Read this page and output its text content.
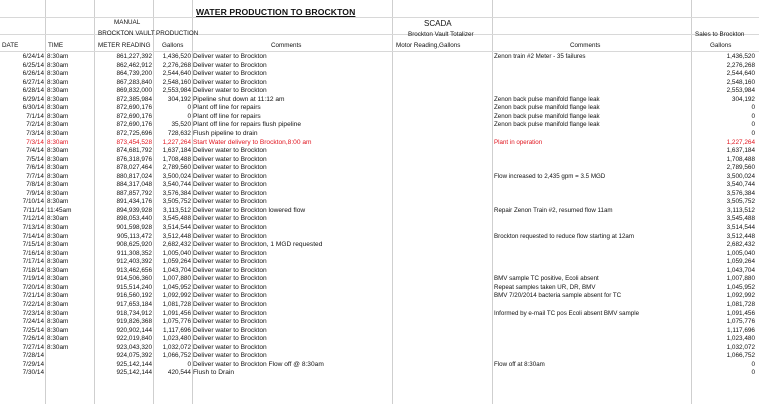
WATER PRODUCTION TO BROCKTON
SCADA
MANUAL
BROCKTON VAULT PRODUCTION
DATE	TIME	METER READING Gallons	Comments
Brockton Vault Totalizer
Motor Reading,Gallons	Comments
Sales to Brockton
Gallons
6/24/14 8:30am	861,227,392	1,436,520 Deliver water to Brockton	Zenon train #2 Meter - 35 failures	1,436,520
6/25/14 8:30am	862,462,912	2,276,268 Deliver water to Brockton	2,276,268
6/26/14 8:30am	864,739,200	2,544,640 Deliver water to Brockton	2,544,640
6/27/14 8:30am	867,283,840	2,548,160 Deliver water to Brockton	2,548,160
6/28/14 8:30am	869,832,000	2,553,984 Deliver water to Brockton	2,553,984
6/29/14 8:30am	872,385,984	304,192 Pipeline shut down at 11:12 am	Zenon back pulse manifold flange leak	304,192
6/30/14 8:30am	872,690,176	0 Plant off line for repairs	Zenon back pulse manifold flange leak	0
7/1/14 8:30am	872,690,176	0 Plant off line for repairs	Zenon back pulse manifold flange leak	0
7/2/14 8:30am	872,690,176	35,520 Plant off line for repairs flush pipeline	Zenon back pulse manifold flange leak	0
7/3/14 8:30am	872,725,696	728,632 Flush pipeline to drain	0
7/3/14 8:30am	873,454,528	1,227,264 Start Water delivery to Brockton,8:00 am	Plant in operation	1,227,264
7/4/14 8:30am	874,681,792	1,637,184 Deliver water to Brockton	1,637,184
7/5/14 8:30am	876,318,976	1,708,488 Deliver water to Brockton	1,708,488
7/6/14 8:30am	878,027,464	2,789,560 Deliver water to Brockton	2,789,560
7/7/14 8:30am	880,817,024	3,500,024 Deliver water to Brockton	Flow increased to 2,435 gpm = 3.5 MGD	3,500,024
7/8/14 8:30am	884,317,048	3,540,744 Deliver water to Brockton	3,540,744
7/9/14 8:30am	887,857,792	3,576,384 Deliver water to Brockton	3,576,384
7/10/14 8:30am	891,434,176	3,505,752 Deliver water to Brockton	3,505,752
7/11/14 11:45am	894,939,928	3,113,512 Deliver water to Brockton lowered flow	Repair Zenon Train #2, resumed flow 11am	3,113,512
7/12/14 8:30am	898,053,440	3,545,488 Deliver water to Brockton	3,545,488
7/13/14 8:30am	901,598,928	3,514,544 Deliver water to Brockton	3,514,544
7/14/14 8:30am	905,113,472	3,512,448 Deliver water to Brockton	Brockton requested to reduce flow starting at 12am	3,512,448
7/15/14 8:30am	908,625,920	2,682,432 Deliver water to Brockton, 1 MGD requested	2,682,432
7/16/14 8:30am	911,308,352	1,005,040 Deliver water to Brockton	1,005,040
7/17/14 8:30am	912,403,392	1,059,264 Deliver water to Brockton	1,059,264
7/18/14 8:30am	913,462,656	1,043,704 Deliver water to Brockton	1,043,704
7/19/14 8:30am	914,506,360	1,007,880 Deliver water to Brockton	BMV sample TC positive, Ecoli absent	1,007,880
7/20/14 8:30am	915,514,240	1,045,952 Deliver water to Brockton	Repeat samples taken UR, DR, BMV	1,045,952
7/21/14 8:30am	916,560,192	1,092,992 Deliver water to Brockton	BMV 7/20/2014 bacteria sample absent for TC	1,092,992
7/22/14 8:30am	917,653,184	1,081,728 Deliver water to Brockton	1,081,728
7/23/14 8:30am	918,734,912	1,091,456 Deliver water to Brockton	Informed by e-mail TC pos Ecoli absent BMV sample	1,091,456
7/24/14 8:30am	919,826,368	1,075,776 Deliver water to Brockton	1,075,776
7/25/14 8:30am	920,902,144	1,117,696 Deliver water to Brockton	1,117,696
7/26/14 8:30am	922,019,840	1,023,480 Deliver water to Brockton	1,023,480
7/27/14 8:30am	923,043,320	1,032,072 Deliver water to Brockton	1,032,072
7/28/14	924,075,392	1,066,752 Deliver water to Brockton	1,066,752
7/29/14	925,142,144	0 Deliver water to Brockton Flow off @ 8:30am	Flow off at 8:30am	0
7/30/14	925,142,144	420,544 Flush to Drain	0
